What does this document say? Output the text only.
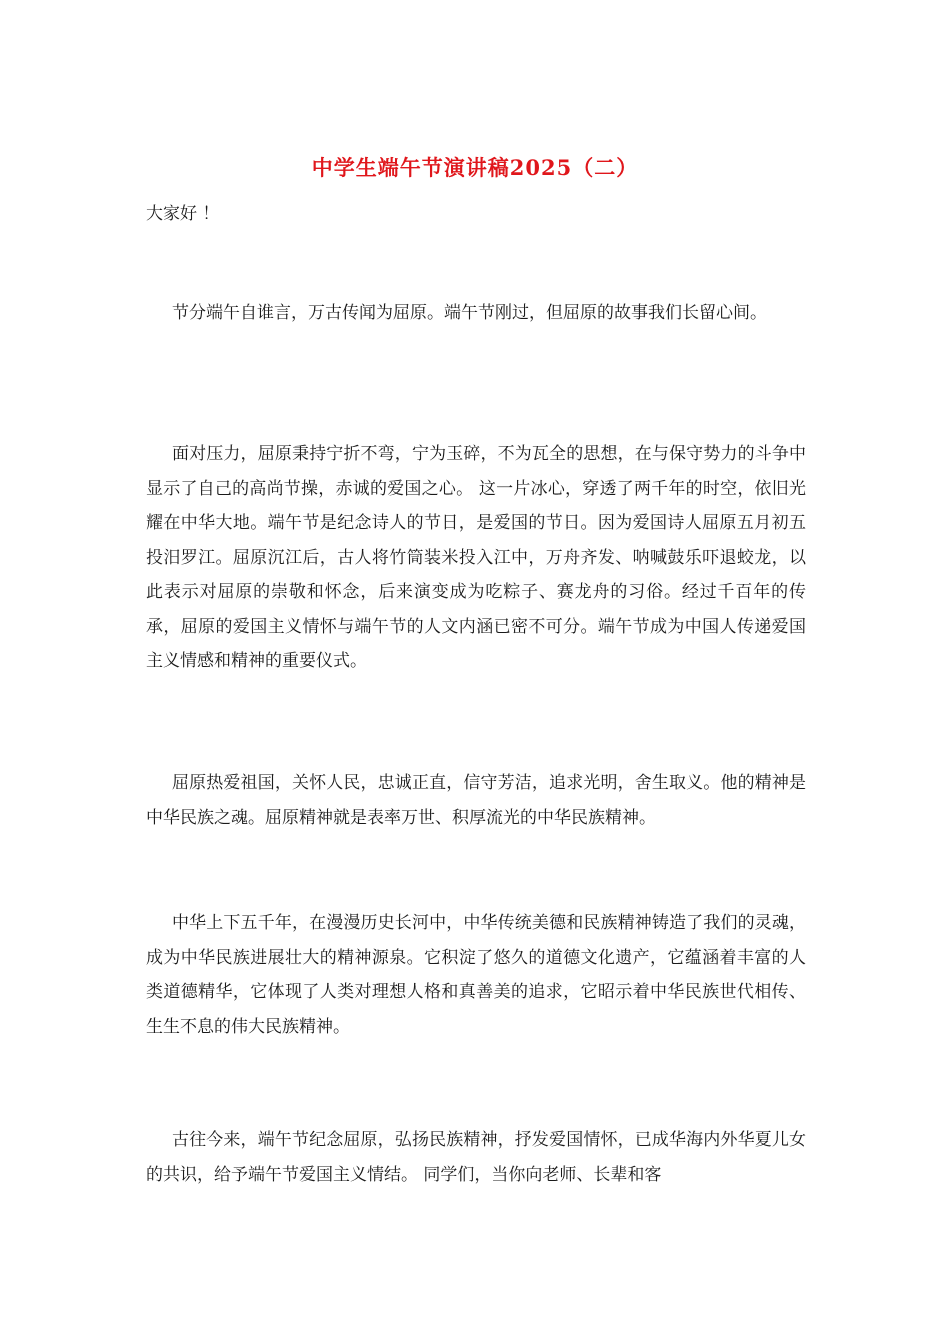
中学生端午节演讲稿2025（二）
大家好 ！

节分端午自谁言，万古传闻为屈原。端午节刚过，但屈原的故事我们长留心间。

面对压力，屈原秉持宁折不弯，宁为玉碎，不为瓦全的思想，在与保守势力的斗争中显示了自己的高尚节操，赤诚的爱国之心。 这一片冰心，穿透了两千年的时空，依旧光耀在中华大地。端午节是纪念诗人的节日，是爱国的节日。因为爱国诗人屈原五月初五投汨罗江。屈原沉江后，古人将竹筒装米投入江中，万舟齐发、呐喊鼓乐吓退蛟龙，以此表示对屈原的崇敬和怀念，后来演变成为吃粽子、赛龙舟的习俗。经过千百年的传承，屈原的爱国主义情怀与端午节的人文内涵已密不可分。端午节成为中国人传递爱国主义情感和精神的重要仪式。

屈原热爱祖国，关怀人民，忠诚正直，信守芳洁，追求光明，舍生取义。他的精神是中华民族之魂。屈原精神就是表率万世、积厚流光的中华民族精神。

中华上下五千年，在漫漫历史长河中，中华传统美德和民族精神铸造了我们的灵魂，成为中华民族进展壮大的精神源泉。它积淀了悠久的道德文化遗产，它蕴涵着丰富的人类道德精华，它体现了人类对理想人格和真善美的追求，它昭示着中华民族世代相传、生生不息的伟大民族精神。

古往今来，端午节纪念屈原，弘扬民族精神，抒发爱国情怀，已成华海内外华夏儿女的共识，给予端午节爱国主义情结。 同学们，当你向老师、长辈和客
